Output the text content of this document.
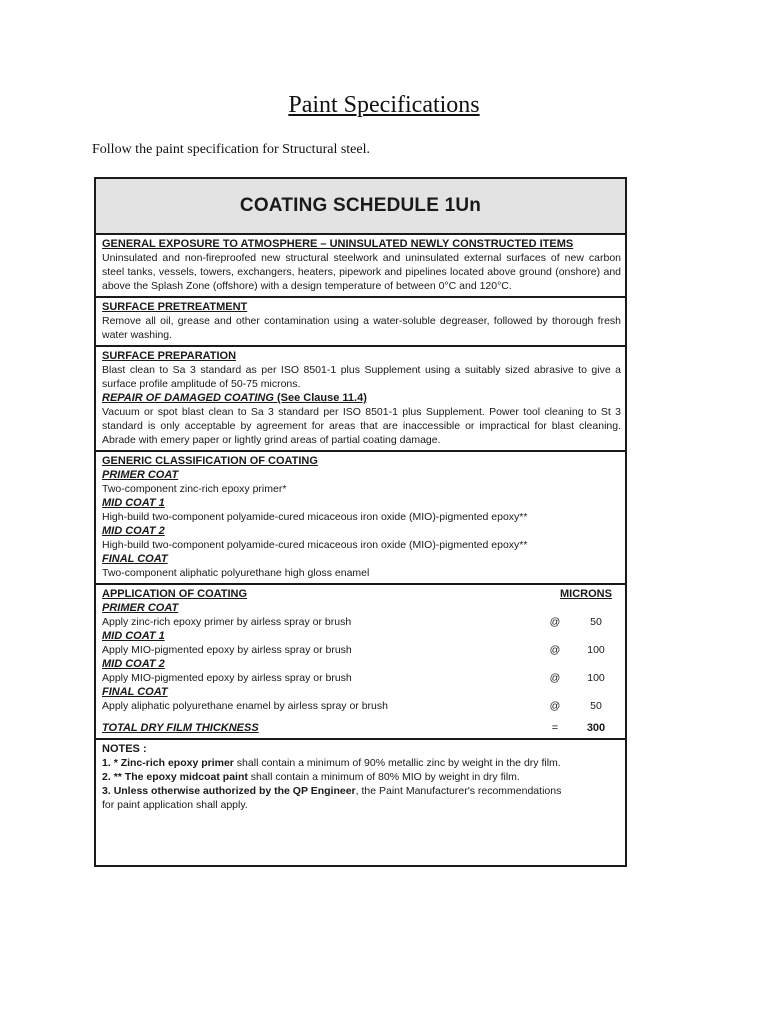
Paint Specifications
Follow the paint specification for Structural steel.
COATING SCHEDULE 1Un
GENERAL EXPOSURE TO ATMOSPHERE – UNINSULATED NEWLY CONSTRUCTED ITEMS
Uninsulated and non-fireproofed new structural steelwork and uninsulated external surfaces of new carbon steel tanks, vessels, towers, exchangers, heaters, pipework and pipelines located above ground (onshore) and above the Splash Zone (offshore) with a design temperature of between 0°C and 120°C.
SURFACE PRETREATMENT
Remove all oil, grease and other contamination using a water-soluble degreaser, followed by thorough fresh water washing.
SURFACE PREPARATION
Blast clean to Sa 3 standard as per ISO 8501-1 plus Supplement using a suitably sized abrasive to give a surface profile amplitude of 50-75 microns.
REPAIR OF DAMAGED COATING (See Clause 11.4)
Vacuum or spot blast clean to Sa 3 standard per ISO 8501-1 plus Supplement. Power tool cleaning to St 3 standard is only acceptable by agreement for areas that are inaccessible or impractical for blast cleaning. Abrade with emery paper or lightly grind areas of partial coating damage.
GENERIC CLASSIFICATION OF COATING
PRIMER COAT
Two-component zinc-rich epoxy primer*
MID COAT 1
High-build two-component polyamide-cured micaceous iron oxide (MIO)-pigmented epoxy**
MID COAT 2
High-build two-component polyamide-cured micaceous iron oxide (MIO)-pigmented epoxy**
FINAL COAT
Two-component aliphatic polyurethane high gloss enamel
APPLICATION OF COATING	MICRONS
PRIMER COAT
Apply zinc-rich epoxy primer by airless spray or brush	@	50
MID COAT 1
Apply MIO-pigmented epoxy by airless spray or brush	@	100
MID COAT 2
Apply MIO-pigmented epoxy by airless spray or brush	@	100
FINAL COAT
Apply aliphatic polyurethane enamel by airless spray or brush	@	50
TOTAL DRY FILM THICKNESS	=	300
NOTES :
1. * Zinc-rich epoxy primer shall contain a minimum of 90% metallic zinc by weight in the dry film.
2. ** The epoxy midcoat paint shall contain a minimum of 80% MIO by weight in dry film.
3. Unless otherwise authorized by the QP Engineer, the Paint Manufacturer's recommendations
for paint application shall apply.
